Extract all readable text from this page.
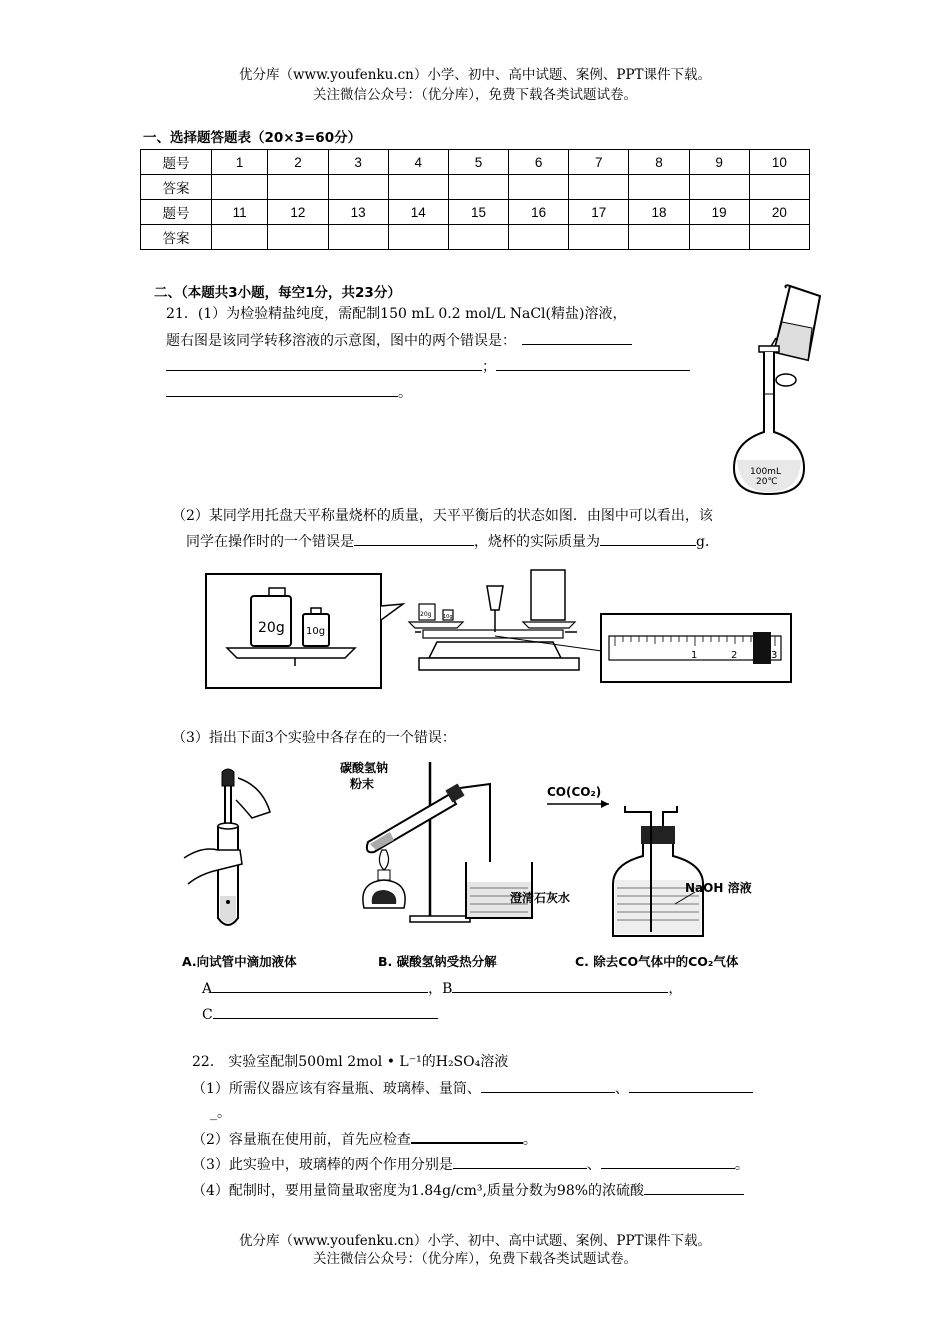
优分库（www.youfenku.cn）小学、初中、高中试题、案例、PPT课件下载。
关注微信公众号：（优分库），免费下载各类试题试卷。
一、选择题答题表（20×3=60分）
题号	1	2	3	4	5	6	7	8	9	10
答案										
题号	11	12	13	14	15	16	17	18	19	20
答案										
二、（本题共3小题，每空1分，共23分）
21．(1）为检验精盐纯度，需配制150 mL 0.2 mol/L NaCl(精盐)溶液，
题右图是该同学转移溶液的示意图，图中的两个错误是：
；
。
100mL
20℃
（2）某同学用托盘天平称量烧杯的质量，天平平衡后的状态如图．由图中可以看出，该
同学在操作时的一个错误是	，烧杯的实际质量为	g．
20g 10g
20g 10g
1	2	3
（3）指出下面3个实验中各存在的一个错误：
碳酸氢钠
粉末
澄清石灰水
CO(CO₂)
NaOH 溶液
A.向试管中滴加液体	B. 碳酸氢钠受热分解	C. 除去CO气体中的CO₂气体
A	，B	，
C
22． 实验室配制500ml 2mol • L⁻¹的H₂SO₄溶液
（1）所需仪器应该有容量瓶、玻璃棒、量筒、	、
_。
（2）容量瓶在使用前，首先应检查	。
（3）此实验中，玻璃棒的两个作用分别是	、	。
（4）配制时，要用量筒量取密度为1.84g/cm³,质量分数为98%的浓硫酸
优分库（www.youfenku.cn）小学、初中、高中试题、案例、PPT课件下载。
关注微信公众号：（优分库），免费下载各类试题试卷。
